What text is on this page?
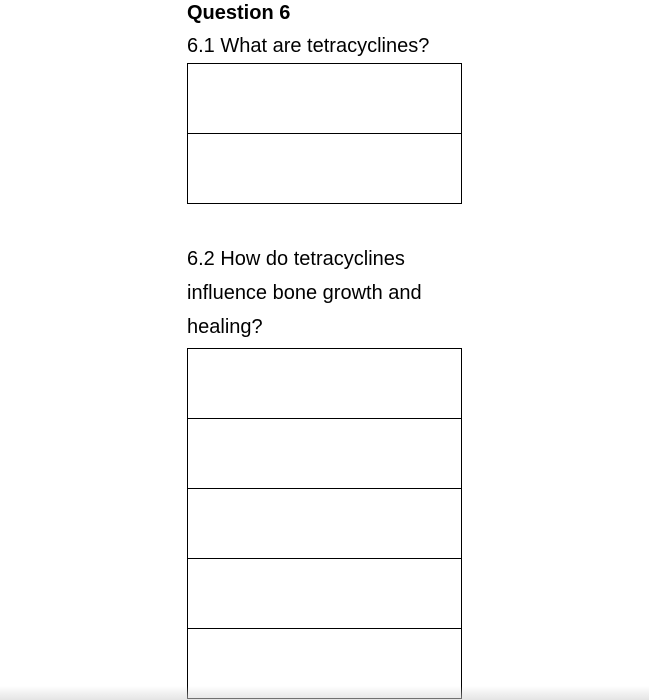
Question 6

6.1 What are tetracyclines?

6.2 How do tetracyclines
influence bone growth and
healing?
